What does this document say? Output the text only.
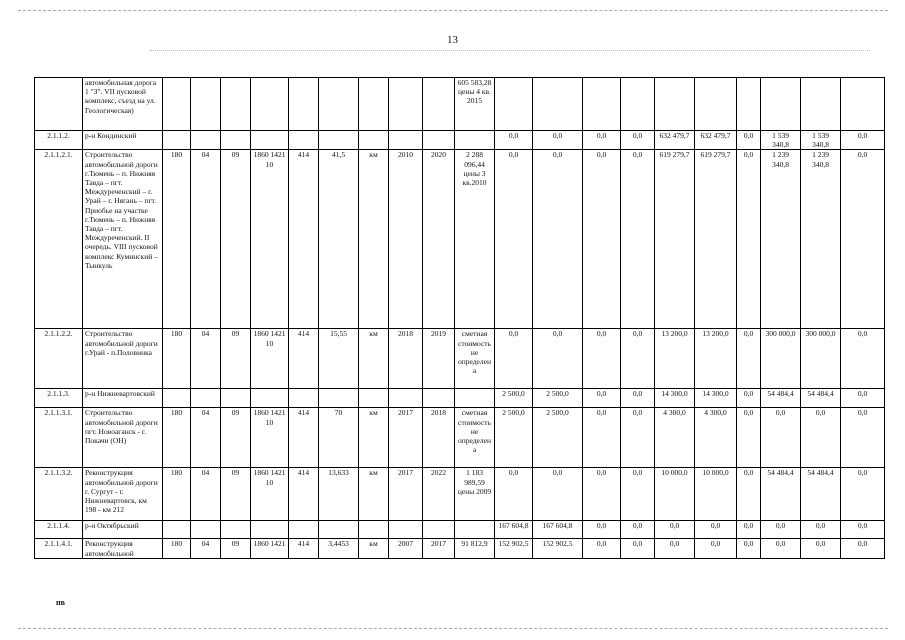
13
	автомобильная дорога 1 "З". VII пусковой комплекс, съезд на ул. Геологическая)										605 583,28 цены 4 кв. 2015										
2.1.1.2.	р-н Кондинский											0,0	0,0	0,0	0,0	632 479,7	632 479,7	0,0	1 539 340,8	1 539 340,8	0,0
2.1.1.2.1.	Строительство автомобильной дороги г.Тюмень – п. Нижняя Тавда – пгт. Междуреченский – г. Урай – г. Нягань – пгт. Приобье на участке г.Тюмень – п. Нижняя Тавда – пгт. Междуреченский. II очередь. VIII пусковой комплекс Куминский – Тынкуль	180	04	09	1860 1421 10	414	41,5	км	2010	2020	2 288 096,44 цены 3 кв.2010	0,0	0,0	0,0	0,0	619 279,7	619 279,7	0,0	1 239 340,8	1 239 340,8	0,0
2.1.1.2.2.	Строительство автомобильной дороги г.Урай - п.Половинка	180	04	09	1860 1421 10	414	15,55	км	2018	2019	сметная стоимость не определена	0,0	0,0	0,0	0,0	13 200,0	13 200,0	0,0	300 000,0	300 000,0	0,0
2.1.1.3.	р-н Нижневартовский											2 500,0	2 500,0	0,0	0,0	14 300,0	14 300,0	0,0	54 484,4	54 484,4	0,0
2.1.1.3.1.	Строительство автомобильной дороги пгт. Новоаганск - г. Покачи (ОН)	180	04	09	1860 1421 10	414	70	км	2017	2018	сметная стоимость не определена	2 500,0	2 500,0	0,0	0,0	4 300,0	4 300,0	0,0	0,0	0,0	0,0
2.1.1.3.2.	Реконструкция автомобильной дороги г. Сургут - г. Нижневартовск, км 198 - км 212	180	04	09	1860 1421 10	414	13,633	км	2017	2022	1 183 989,59 цены 2009	0,0	0,0	0,0	0,0	10 000,0	10 000,0	0,0	54 484,4	54 484,4	0,0
2.1.1.4.	р-н Октябрьский											167 604,8	167 604,8	0,0	0,0	0,0	0,0	0,0	0,0	0,0	0,0
2.1.1.4.1.	Реконструкция автомобильной	180	04	09	1860 1421	414	3,4453	км	2007	2017	91 812,9	152 902,5	152 902,5	0,0	0,0	0,0	0,0	0,0	0,0	0,0	0,0
пв
